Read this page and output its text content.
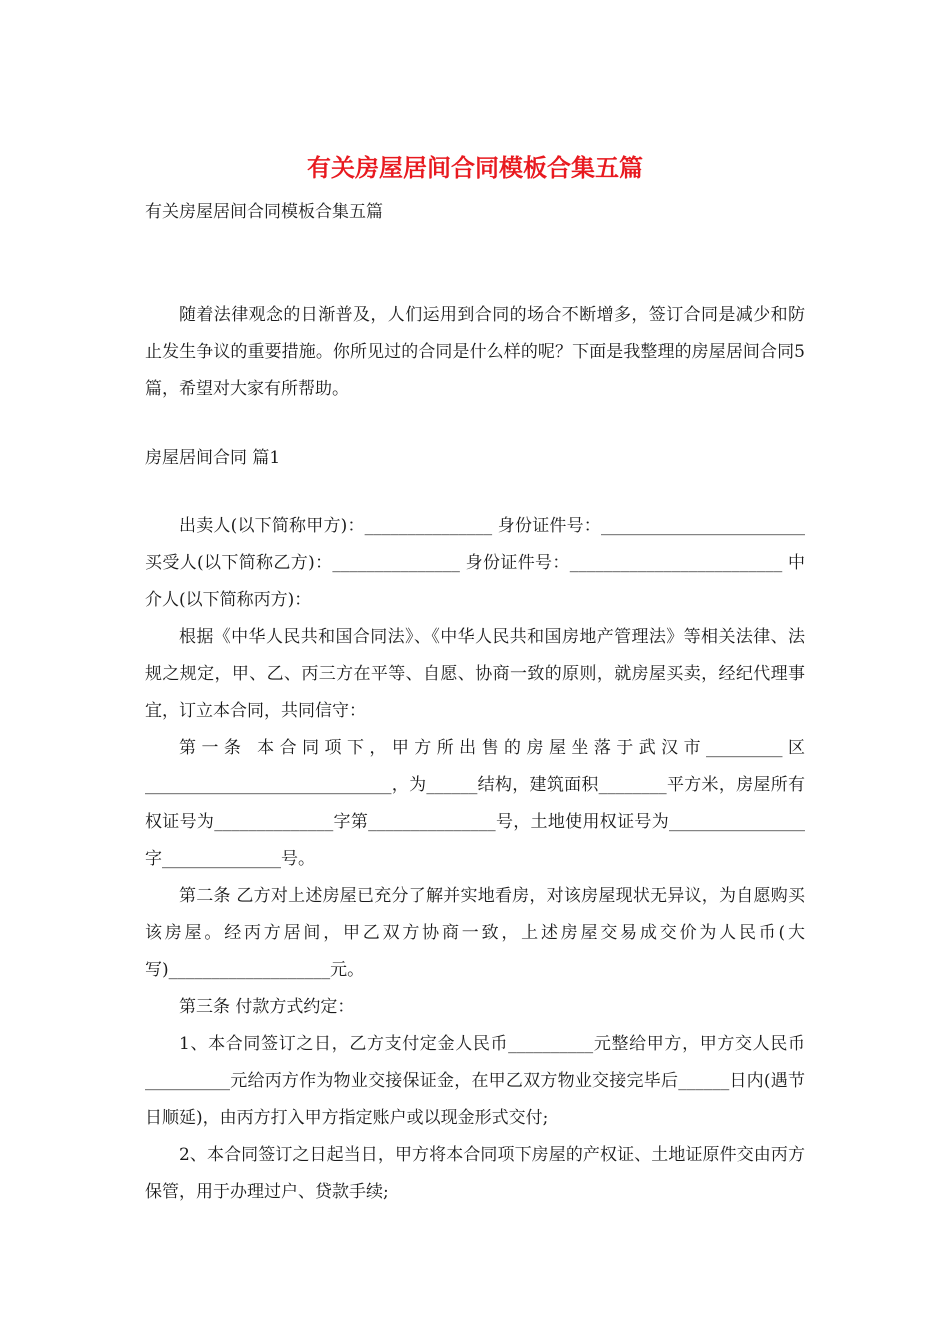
有关房屋居间合同模板合集五篇
有关房屋居间合同模板合集五篇

随着法律观念的日渐普及，人们运用到合同的场合不断增多，签订合同是减少和防止发生争议的重要措施。你所见过的合同是什么样的呢？下面是我整理的房屋居间合同5篇，希望对大家有所帮助。

房屋居间合同 篇1

出卖人(以下简称甲方)：_______________ 身份证件号：________________________ 买受人(以下简称乙方)：_______________ 身份证件号：_________________________ 中介人(以下简称丙方)：

根据《中华人民共和国合同法》、《中华人民共和国房地产管理法》等相关法律、法规之规定，甲、乙、丙三方在平等、自愿、协商一致的原则，就房屋买卖，经纪代理事宜，订立本合同，共同信守：

第一条 本合同项下，甲方所出售的房屋坐落于武汉市_________区_____________________________，为______结构，建筑面积________平方米，房屋所有权证号为______________字第_______________号，土地使用权证号为________________字______________号。

第二条 乙方对上述房屋已充分了解并实地看房，对该房屋现状无异议，为自愿购买该房屋。经丙方居间，甲乙双方协商一致，上述房屋交易成交价为人民币(大写)___________________元。

第三条 付款方式约定：

1、本合同签订之日，乙方支付定金人民币__________元整给甲方，甲方交人民币__________元给丙方作为物业交接保证金，在甲乙双方物业交接完毕后______日内(遇节日顺延)，由丙方打入甲方指定账户或以现金形式交付;

2、本合同签订之日起当日，甲方将本合同项下房屋的产权证、土地证原件交由丙方保管，用于办理过户、贷款手续;
